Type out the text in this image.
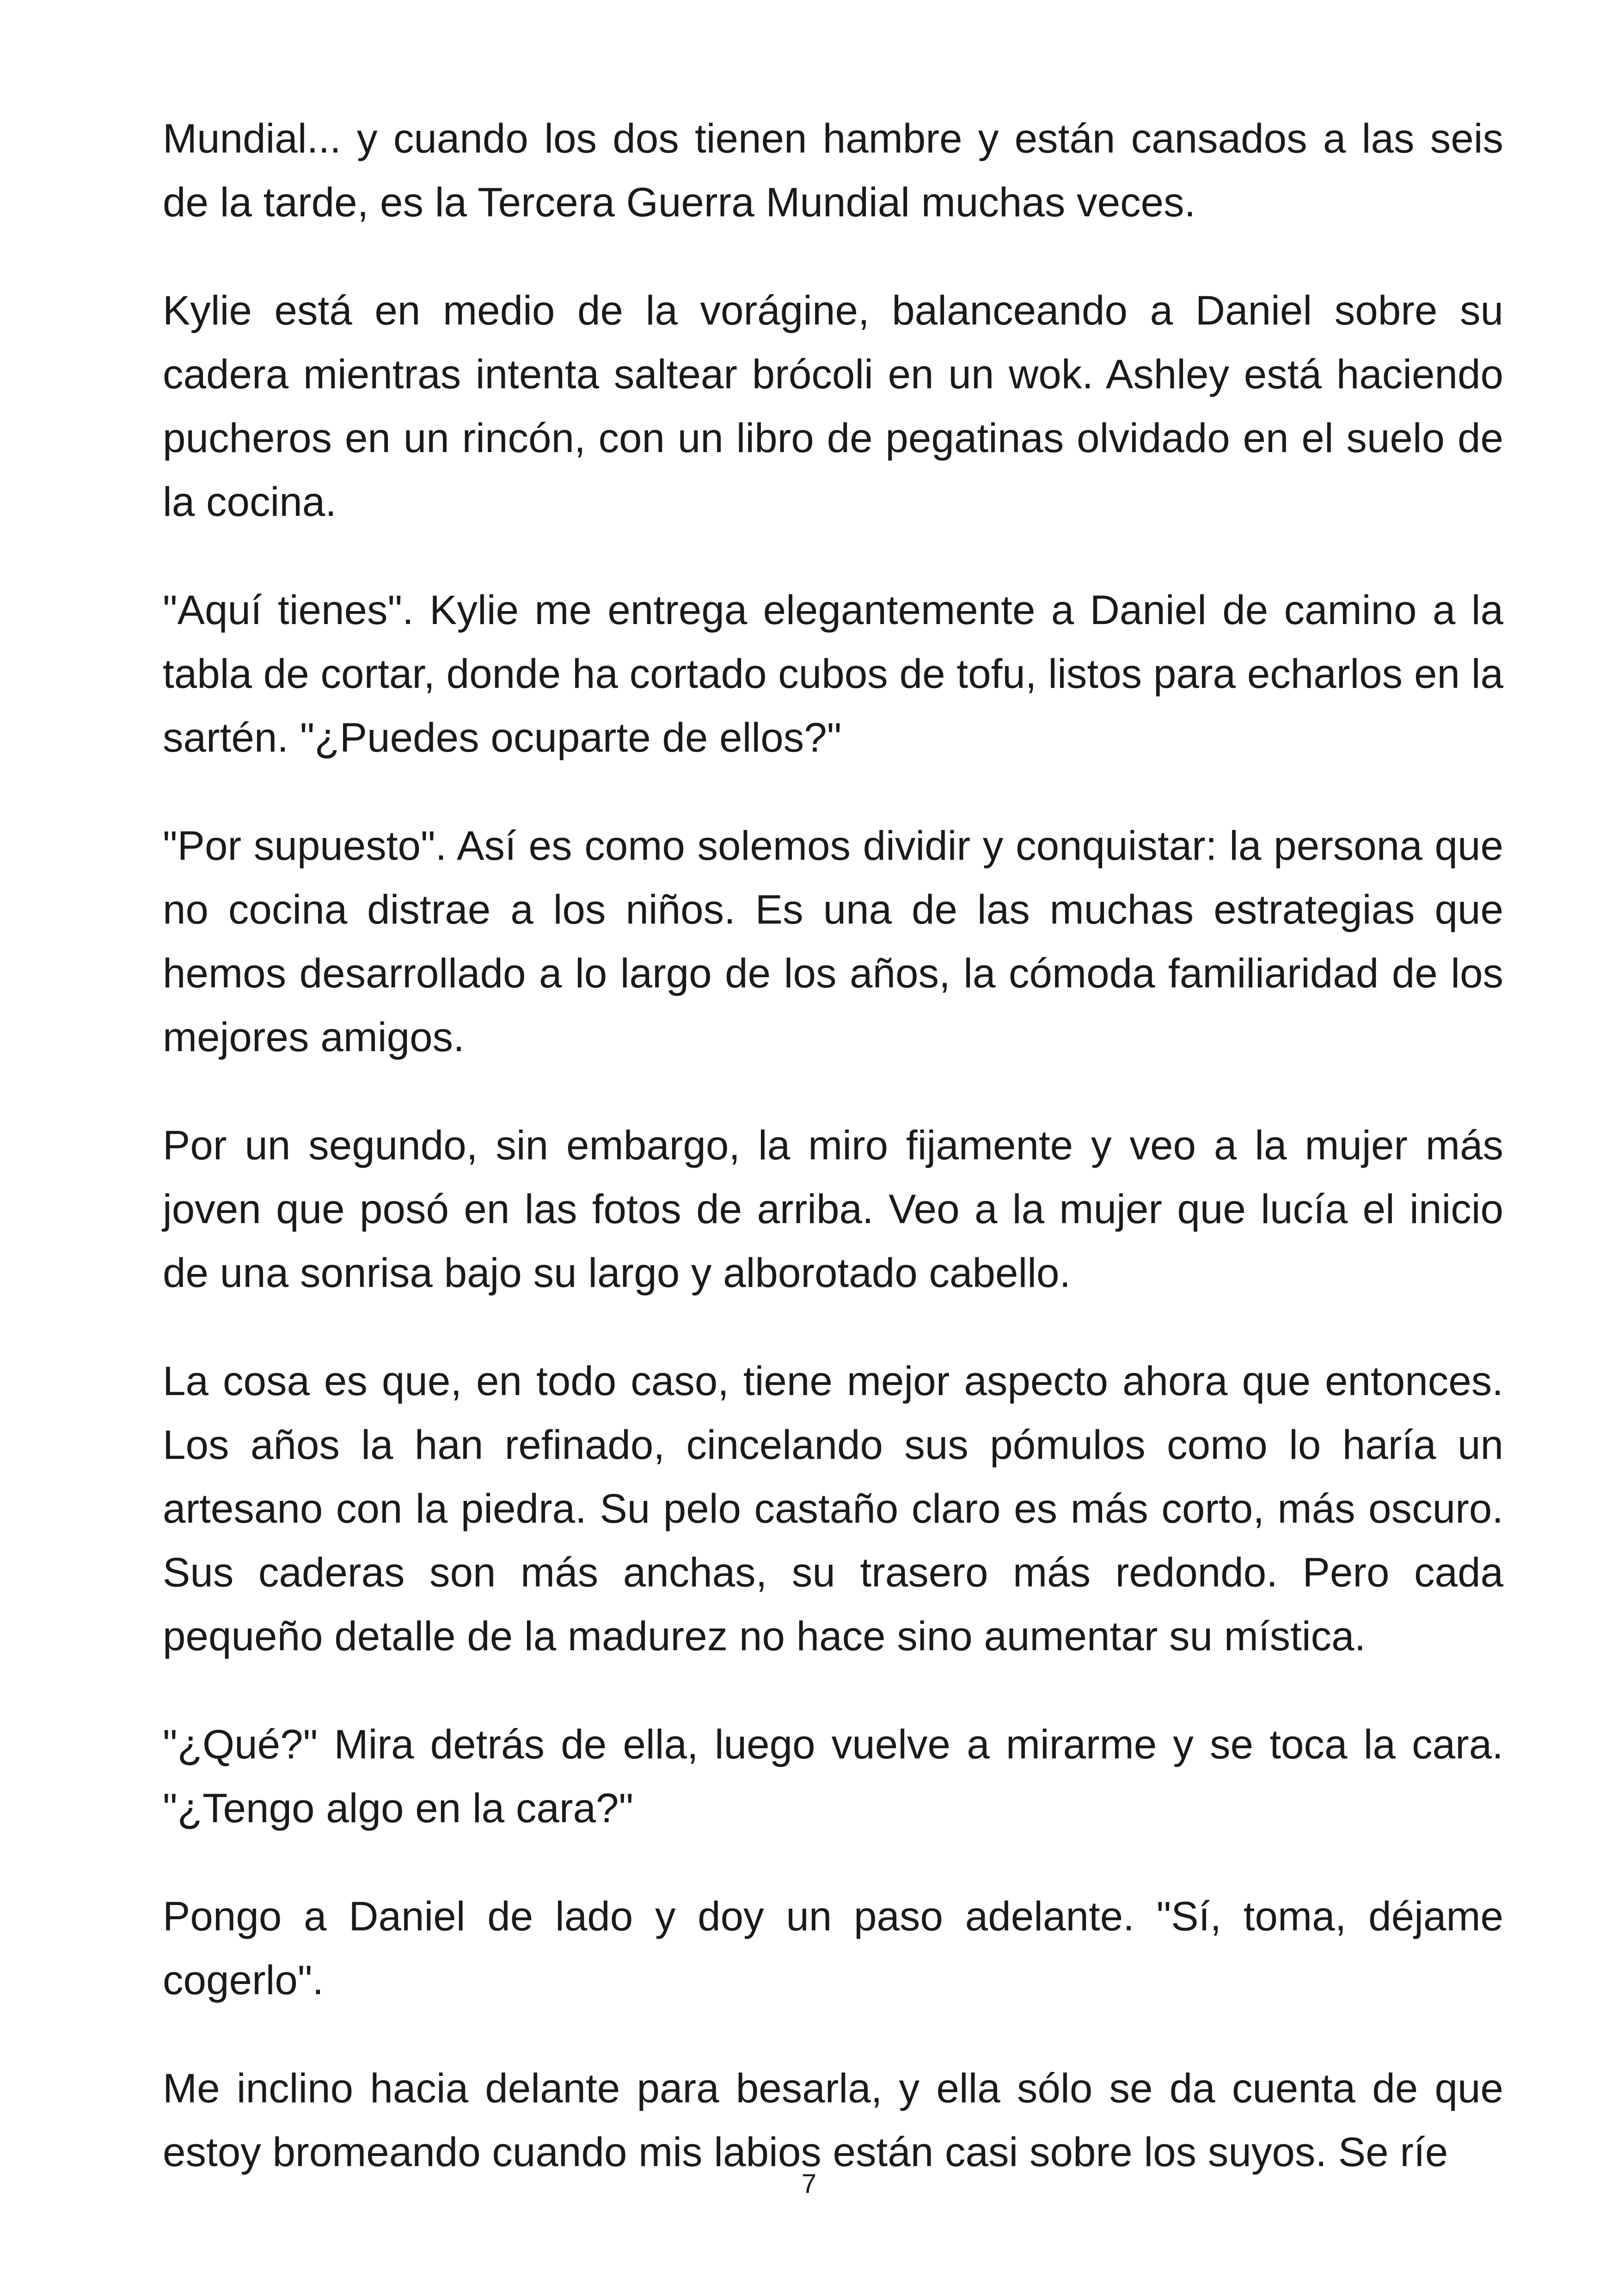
Mundial... y cuando los dos tienen hambre y están cansados a las seis de la tarde, es la Tercera Guerra Mundial muchas veces.

Kylie está en medio de la vorágine, balanceando a Daniel sobre su cadera mientras intenta saltear brócoli en un wok. Ashley está haciendo pucheros en un rincón, con un libro de pegatinas olvidado en el suelo de la cocina.

"Aquí tienes". Kylie me entrega elegantemente a Daniel de camino a la tabla de cortar, donde ha cortado cubos de tofu, listos para echarlos en la sartén. "¿Puedes ocuparte de ellos?"

"Por supuesto". Así es como solemos dividir y conquistar: la persona que no cocina distrae a los niños. Es una de las muchas estrategias que hemos desarrollado a lo largo de los años, la cómoda familiaridad de los mejores amigos.

Por un segundo, sin embargo, la miro fijamente y veo a la mujer más joven que posó en las fotos de arriba. Veo a la mujer que lucía el inicio de una sonrisa bajo su largo y alborotado cabello.

La cosa es que, en todo caso, tiene mejor aspecto ahora que entonces. Los años la han refinado, cincelando sus pómulos como lo haría un artesano con la piedra. Su pelo castaño claro es más corto, más oscuro. Sus caderas son más anchas, su trasero más redondo. Pero cada pequeño detalle de la madurez no hace sino aumentar su mística.

"¿Qué?" Mira detrás de ella, luego vuelve a mirarme y se toca la cara. "¿Tengo algo en la cara?"

Pongo a Daniel de lado y doy un paso adelante. "Sí, toma, déjame cogerlo".

Me inclino hacia delante para besarla, y ella sólo se da cuenta de que estoy bromeando cuando mis labios están casi sobre los suyos. Se ríe

7
